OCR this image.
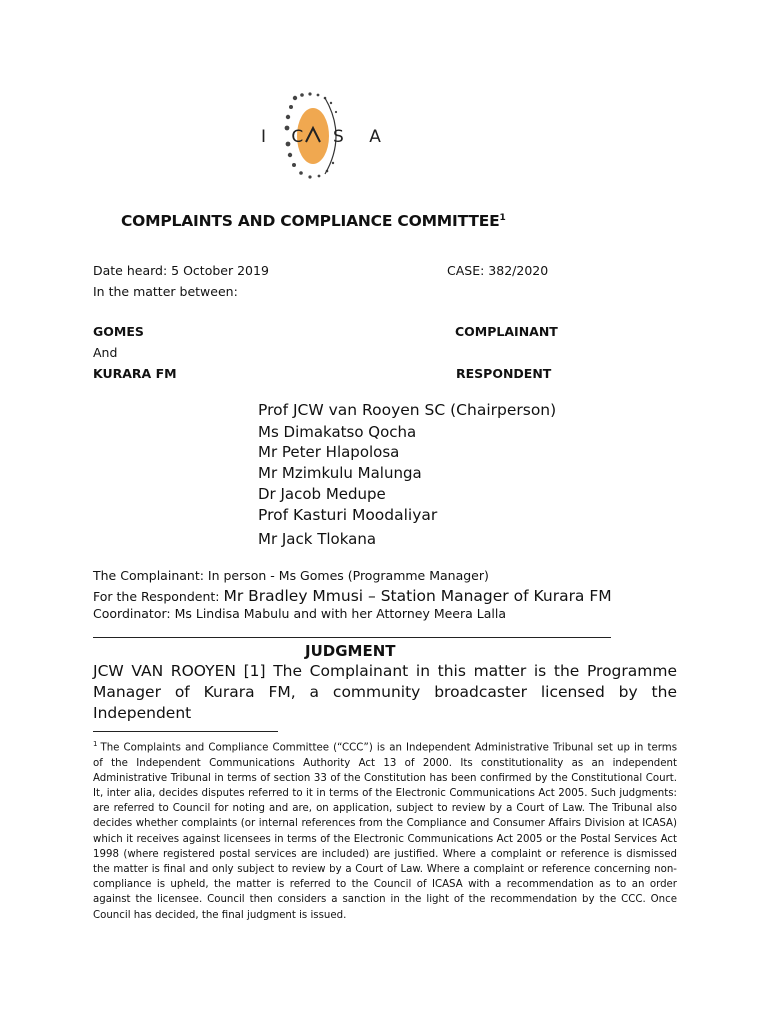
I C S A
COMPLAINTS AND COMPLIANCE COMMITTEE$^1$
Date heard: 5 October 2019	CASE: 382/2020
In the matter between:
GOMES	COMPLAINANT
And
KURARA FM	RESPONDENT
Prof JCW van Rooyen SC (Chairperson)
Ms Dimakatso Qocha
Mr Peter Hlapolosa
Mr Mzimkulu Malunga
Dr Jacob Medupe
Prof Kasturi Moodaliyar
Mr Jack Tlokana
The Complainant: In person - Ms Gomes (Programme Manager)
For the Respondent: Mr Bradley Mmusi – Station Manager of Kurara FM
Coordinator: Ms Lindisa Mabulu and with her Attorney Meera Lalla
JUDGMENT
JCW VAN ROOYEN [1] The Complainant in this matter is the Programme Manager of Kurara FM, a community broadcaster licensed by the Independent
$^1$ The Complaints and Compliance Committee (“CCC”) is an Independent Administrative Tribunal set up in terms of the Independent Communications Authority Act 13 of 2000. Its constitutionality as an independent Administrative Tribunal in terms of section 33 of the Constitution has been confirmed by the Constitutional Court. It, inter alia, decides disputes referred to it in terms of the Electronic Communications Act 2005. Such judgments: are referred to Council for noting and are, on application, subject to review by a Court of Law. The Tribunal also decides whether complaints (or internal references from the Compliance and Consumer Affairs Division at ICASA) which it receives against licensees in terms of the Electronic Communications Act 2005 or the Postal Services Act 1998 (where registered postal services are included) are justified. Where a complaint or reference is dismissed the matter is final and only subject to review by a Court of Law. Where a complaint or reference concerning non-compliance is upheld, the matter is referred to the Council of ICASA with a recommendation as to an order against the licensee. Council then considers a sanction in the light of the recommendation by the CCC. Once Council has decided, the final judgment is issued.
